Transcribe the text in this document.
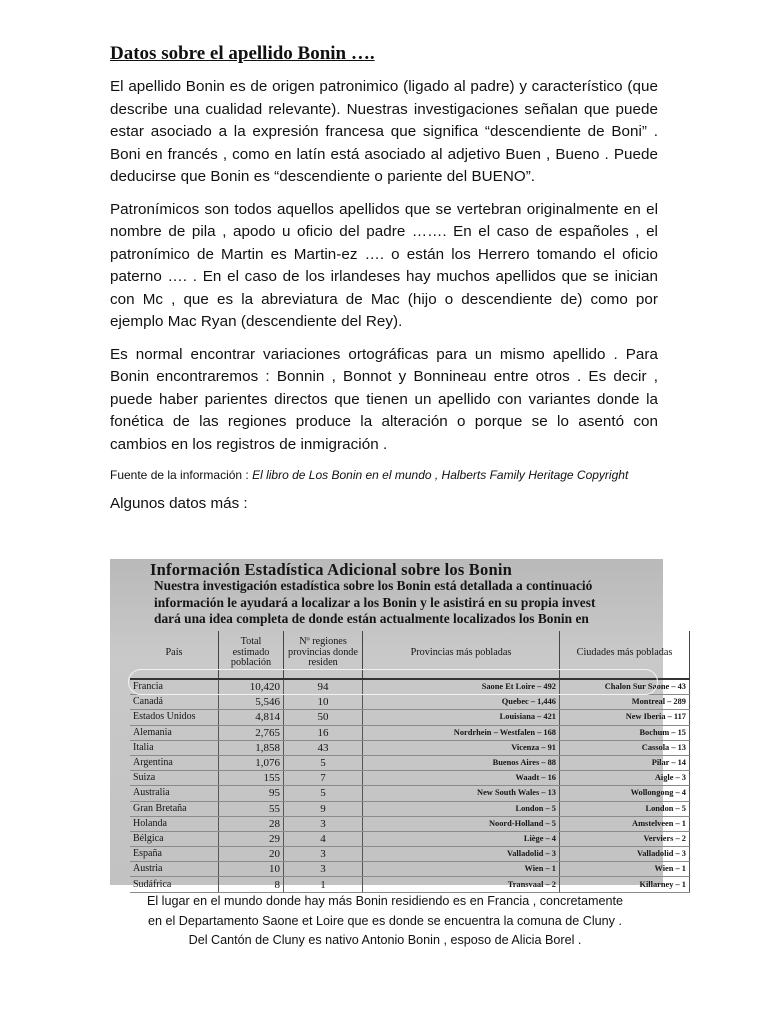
Datos sobre el apellido Bonin ….

El apellido Bonin es de origen patronimico (ligado al padre) y característico (que describe una cualidad relevante). Nuestras investigaciones señalan que puede estar asociado a la expresión francesa que significa “descendiente de Boni” . Boni en francés , como en latín está asociado al adjetivo Buen , Bueno . Puede deducirse que Bonin es “descendiente o pariente del BUENO”.

Patronímicos son todos aquellos apellidos que se vertebran originalmente en el nombre de pila , apodo u oficio del padre ……. En el caso de españoles , el patronímico de Martin es Martin-ez …. o están los Herrero tomando el oficio paterno …. . En el caso de los irlandeses hay muchos apellidos que se inician con Mc , que es la abreviatura de Mac (hijo o descendiente de) como por ejemplo Mac Ryan (descendiente del Rey).

Es normal encontrar variaciones ortográficas para un mismo apellido . Para Bonin encontraremos : Bonnin , Bonnot y Bonnineau entre otros . Es decir , puede haber parientes directos que tienen un apellido con variantes donde la fonética de las regiones produce la alteración o porque se lo asentó con cambios en los registros de inmigración .

Fuente de la información : El libro de Los Bonin en el mundo , Halberts Family Heritage Copyright
Algunos datos más :
Información Estadística Adicional sobre los Bonin
Nuestra investigación estadística sobre los Bonin está detallada a continuació
información le ayudará a localizar a los Bonin y le asistirá en su propia invest
dará una idea completa de donde están actualmente localizados los Bonin en
País	Total estimado población	Nº regiones provincias donde residen	Provincias más pobladas	Ciudades más pobladas
Francia	10,420	94	Saone Et Loire – 492	Chalon Sur Saone – 43
Canadá	5,546	10	Quebec – 1,446	Montreal – 289
Estados Unidos	4,814	50	Louisiana – 421	New Iberia – 117
Alemania	2,765	16	Nordrhein – Westfalen – 168	Bochum – 15
Italia	1,858	43	Vicenza – 91	Cassola – 13
Argentina	1,076	5	Buenos Aires – 88	Pilar – 14
Suiza	155	7	Waadt – 16	Aigle – 3
Australia	95	5	New South Wales – 13	Wollongong – 4
Gran Bretaña	55	9	London – 5	London – 5
Holanda	28	3	Noord-Holland – 5	Amstelveen – 1
Bélgica	29	4	Liège – 4	Verviers – 2
España	20	3	Valladolid – 3	Valladolid – 3
Austria	10	3	Wien – 1	Wien – 1
Sudáfrica	8	1	Transvaal – 2	Killarney – 1
El lugar en el mundo donde hay más Bonin residiendo es en Francia , concretamente
en el Departamento Saone et Loire que es donde se encuentra la comuna de Cluny .
Del Cantón de Cluny es nativo Antonio Bonin , esposo de Alicia Borel .
